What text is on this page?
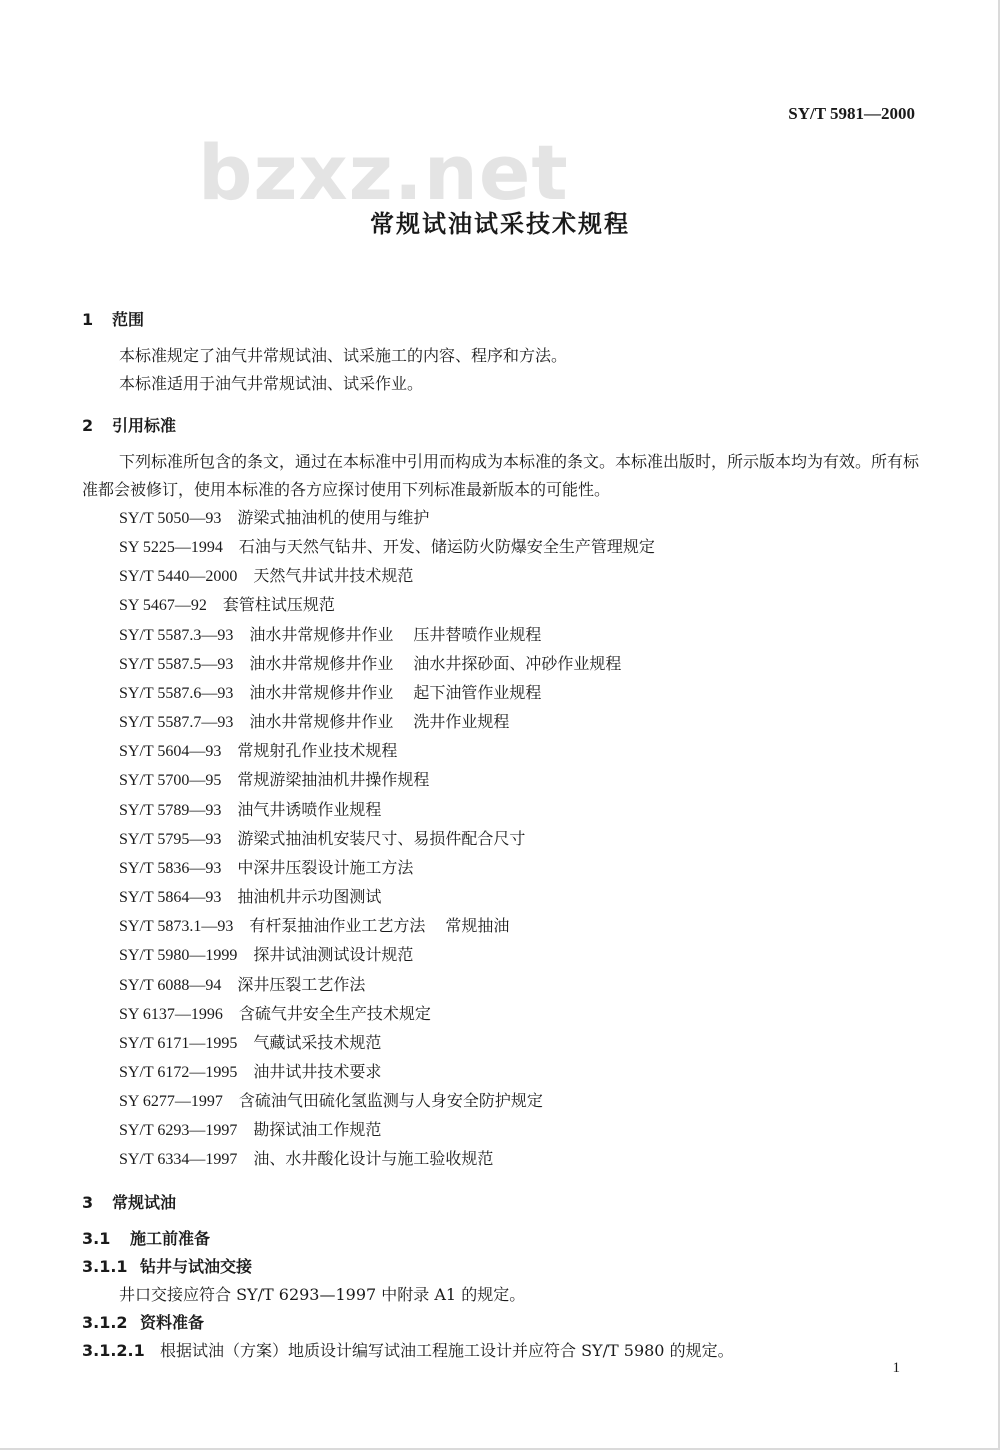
SY/T 5981—2000
bzxz.net
常规试油试采技术规程
1 范围
本标准规定了油气井常规试油、试采施工的内容、程序和方法。
本标准适用于油气井常规试油、试采作业。
2 引用标准
下列标准所包含的条文，通过在本标准中引用而构成为本标准的条文。本标准出版时，所示版本均为有效。所有标准都会被修订，使用本标准的各方应探讨使用下列标准最新版本的可能性。
SY/T 5050—93 游梁式抽油机的使用与维护
SY 5225—1994 石油与天然气钻井、开发、储运防火防爆安全生产管理规定
SY/T 5440—2000 天然气井试井技术规范
SY 5467—92 套管柱试压规范
SY/T 5587.3—93 油水井常规修井作业 压井替喷作业规程
SY/T 5587.5—93 油水井常规修井作业 油水井探砂面、冲砂作业规程
SY/T 5587.6—93 油水井常规修井作业 起下油管作业规程
SY/T 5587.7—93 油水井常规修井作业 洗井作业规程
SY/T 5604—93 常规射孔作业技术规程
SY/T 5700—95 常规游梁抽油机井操作规程
SY/T 5789—93 油气井诱喷作业规程
SY/T 5795—93 游梁式抽油机安装尺寸、易损件配合尺寸
SY/T 5836—93 中深井压裂设计施工方法
SY/T 5864—93 抽油机井示功图测试
SY/T 5873.1—93 有杆泵抽油作业工艺方法 常规抽油
SY/T 5980—1999 探井试油测试设计规范
SY/T 6088—94 深井压裂工艺作法
SY 6137—1996 含硫气井安全生产技术规定
SY/T 6171—1995 气藏试采技术规范
SY/T 6172—1995 油井试井技术要求
SY 6277—1997 含硫油气田硫化氢监测与人身安全防护规定
SY/T 6293—1997 勘探试油工作规范
SY/T 6334—1997 油、水井酸化设计与施工验收规范
3 常规试油
3.1 施工前准备
3.1.1 钻井与试油交接
井口交接应符合 SY/T 6293—1997 中附录 A1 的规定。
3.1.2 资料准备
3.1.2.1 根据试油（方案）地质设计编写试油工程施工设计并应符合 SY/T 5980 的规定。
1
